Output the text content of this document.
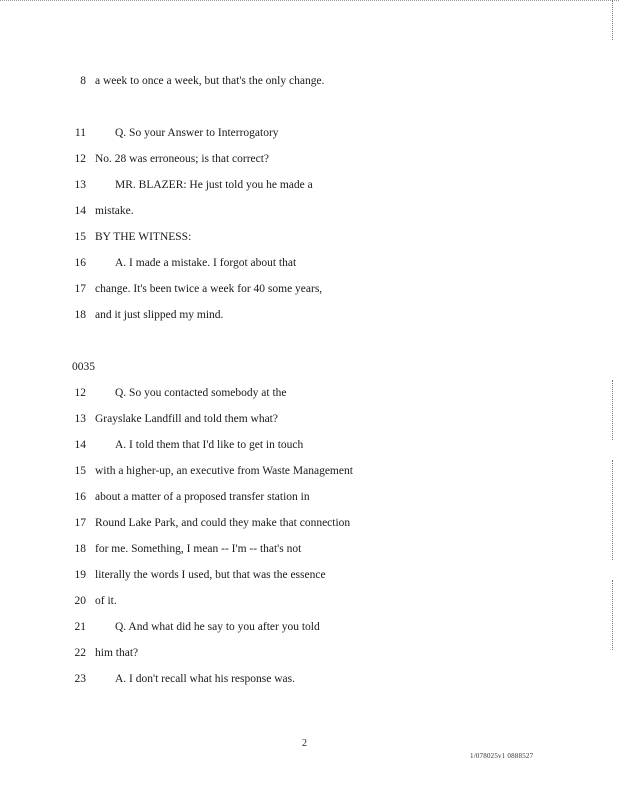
8 a week to once a week, but that's the only change.
11	Q. So your Answer to Interrogatory
12 No. 28 was erroneous; is that correct?
13	MR. BLAZER: He just told you he made a
14 mistake.
15 BY THE WITNESS:
16	A. I made a mistake. I forgot about that
17 change. It's been twice a week for 40 some years,
18 and it just slipped my mind.
0035
12	Q. So you contacted somebody at the
13 Grayslake Landfill and told them what?
14	A. I told them that I'd like to get in touch
15 with a higher-up, an executive from Waste Management
16 about a matter of a proposed transfer station in
17 Round Lake Park, and could they make that connection
18 for me. Something, I mean -- I'm -- that's not
19 literally the words I used, but that was the essence
20 of it.
21	Q. And what did he say to you after you told
22 him that?
23	A. I don't recall what his response was.
2
1/078025v1 0888527
